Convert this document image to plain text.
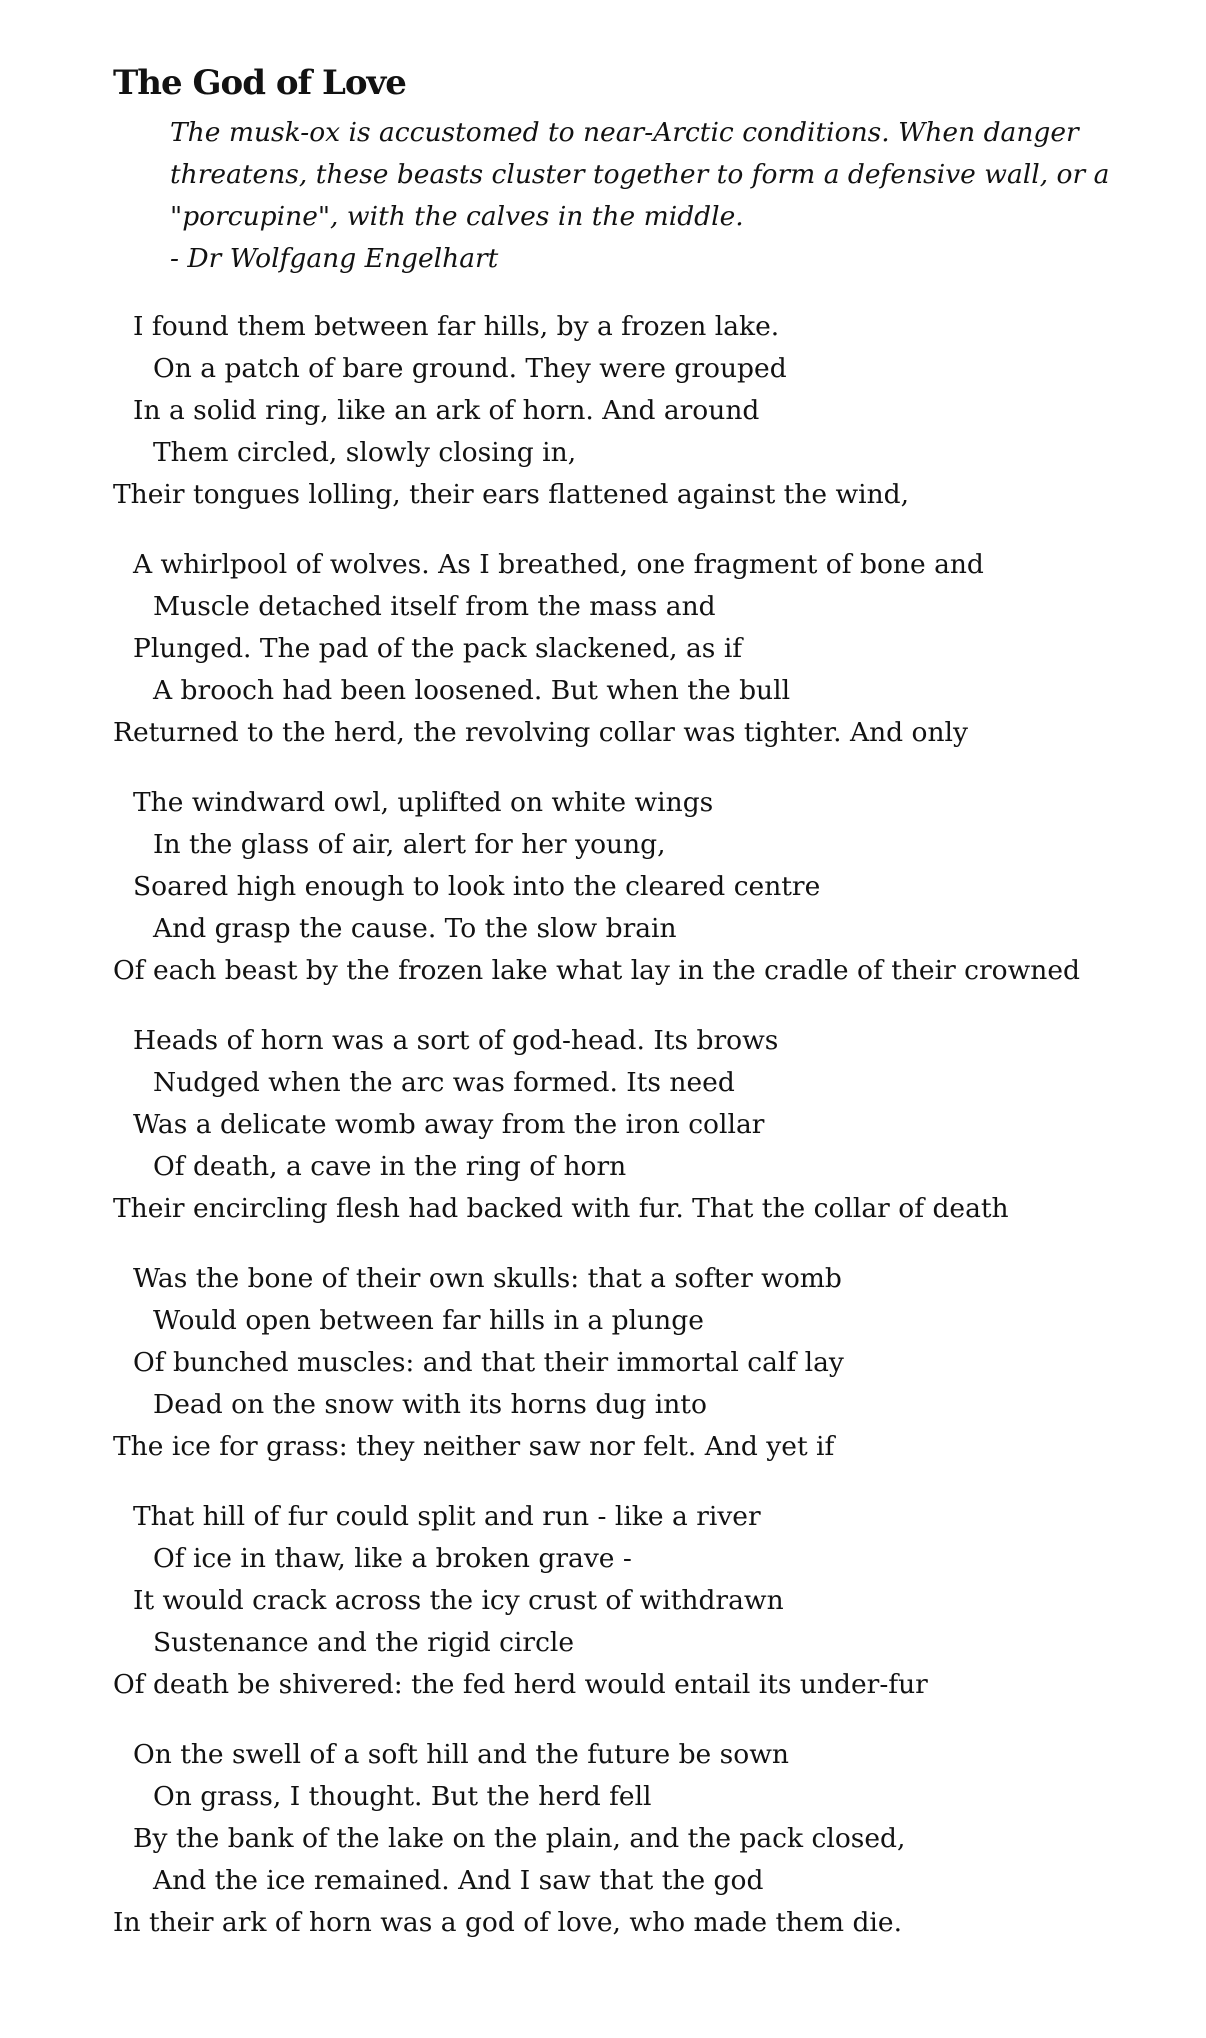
The God of Love
The musk-ox is accustomed to near-Arctic conditions. When danger
threatens, these beasts cluster together to form a defensive wall, or a
"porcupine", with the calves in the middle.
- Dr Wolfgang Engelhart
I found them between far hills, by a frozen lake.
On a patch of bare ground. They were grouped
In a solid ring, like an ark of horn. And around
Them circled, slowly closing in,
Their tongues lolling, their ears flattened against the wind,
A whirlpool of wolves. As I breathed, one fragment of bone and
Muscle detached itself from the mass and
Plunged. The pad of the pack slackened, as if
A brooch had been loosened. But when the bull
Returned to the herd, the revolving collar was tighter. And only
The windward owl, uplifted on white wings
In the glass of air, alert for her young,
Soared high enough to look into the cleared centre
And grasp the cause. To the slow brain
Of each beast by the frozen lake what lay in the cradle of their crowned
Heads of horn was a sort of god-head. Its brows
Nudged when the arc was formed. Its need
Was a delicate womb away from the iron collar
Of death, a cave in the ring of horn
Their encircling flesh had backed with fur. That the collar of death
Was the bone of their own skulls: that a softer womb
Would open between far hills in a plunge
Of bunched muscles: and that their immortal calf lay
Dead on the snow with its horns dug into
The ice for grass: they neither saw nor felt. And yet if
That hill of fur could split and run - like a river
Of ice in thaw, like a broken grave -
It would crack across the icy crust of withdrawn
Sustenance and the rigid circle
Of death be shivered: the fed herd would entail its under-fur
On the swell of a soft hill and the future be sown
On grass, I thought. But the herd fell
By the bank of the lake on the plain, and the pack closed,
And the ice remained. And I saw that the god
In their ark of horn was a god of love, who made them die.
